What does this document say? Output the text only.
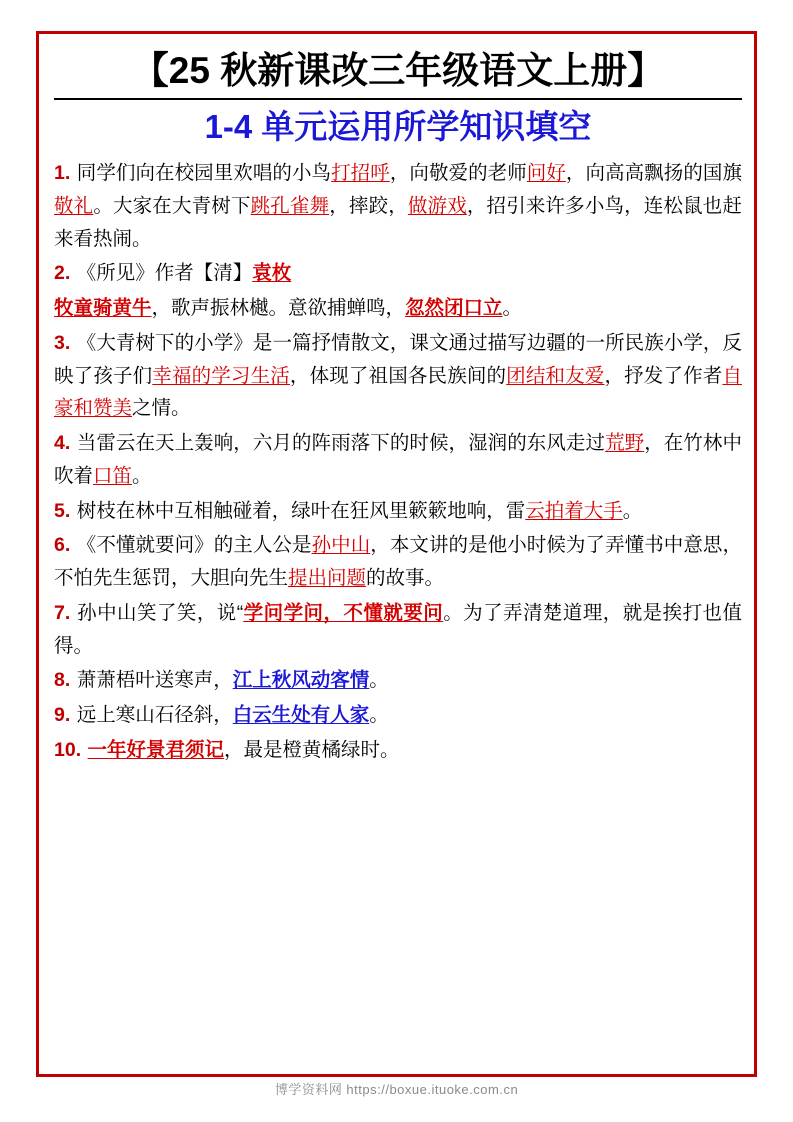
【25 秋新课改三年级语文上册】
1-4 单元运用所学知识填空
1. 同学们向在校园里欢唱的小鸟打招呼，向敬爱的老师问好，向高高飘扬的国旗敬礼。大家在大青树下跳孔雀舞，摔跤，做游戏，招引来许多小鸟，连松鼠也赶来看热闹。
2. 《所见》作者【清】袁枚
牧童骑黄牛，歌声振林樾。意欲捕蝉鸣，忽然闭口立。
3. 《大青树下的小学》是一篇抒情散文，课文通过描写边疆的一所民族小学，反映了孩子们幸福的学习生活，体现了祖国各民族间的团结和友爱，抒发了作者自豪和赞美之情。
4. 当雷云在天上轰响，六月的阵雨落下的时候，湿润的东风走过荒野，在竹林中吹着口笛。
5. 树枝在林中互相触碰着，绿叶在狂风里簌簌地响，雷云拍着大手。
6. 《不懂就要问》的主人公是孙中山，本文讲的是他小时候为了弄懂书中意思，不怕先生惩罚，大胆向先生提出问题的故事。
7. 孙中山笑了笑，说“学问学问，不懂就要问。为了弄清楚道理，就是挨打也值得。
8. 萧萧梧叶送寒声，江上秋风动客情。
9. 远上寒山石径斜，白云生处有人家。
10. 一年好景君须记，最是橙黄橘绿时。
博学资料网 https://boxue.ituoke.com.cn
